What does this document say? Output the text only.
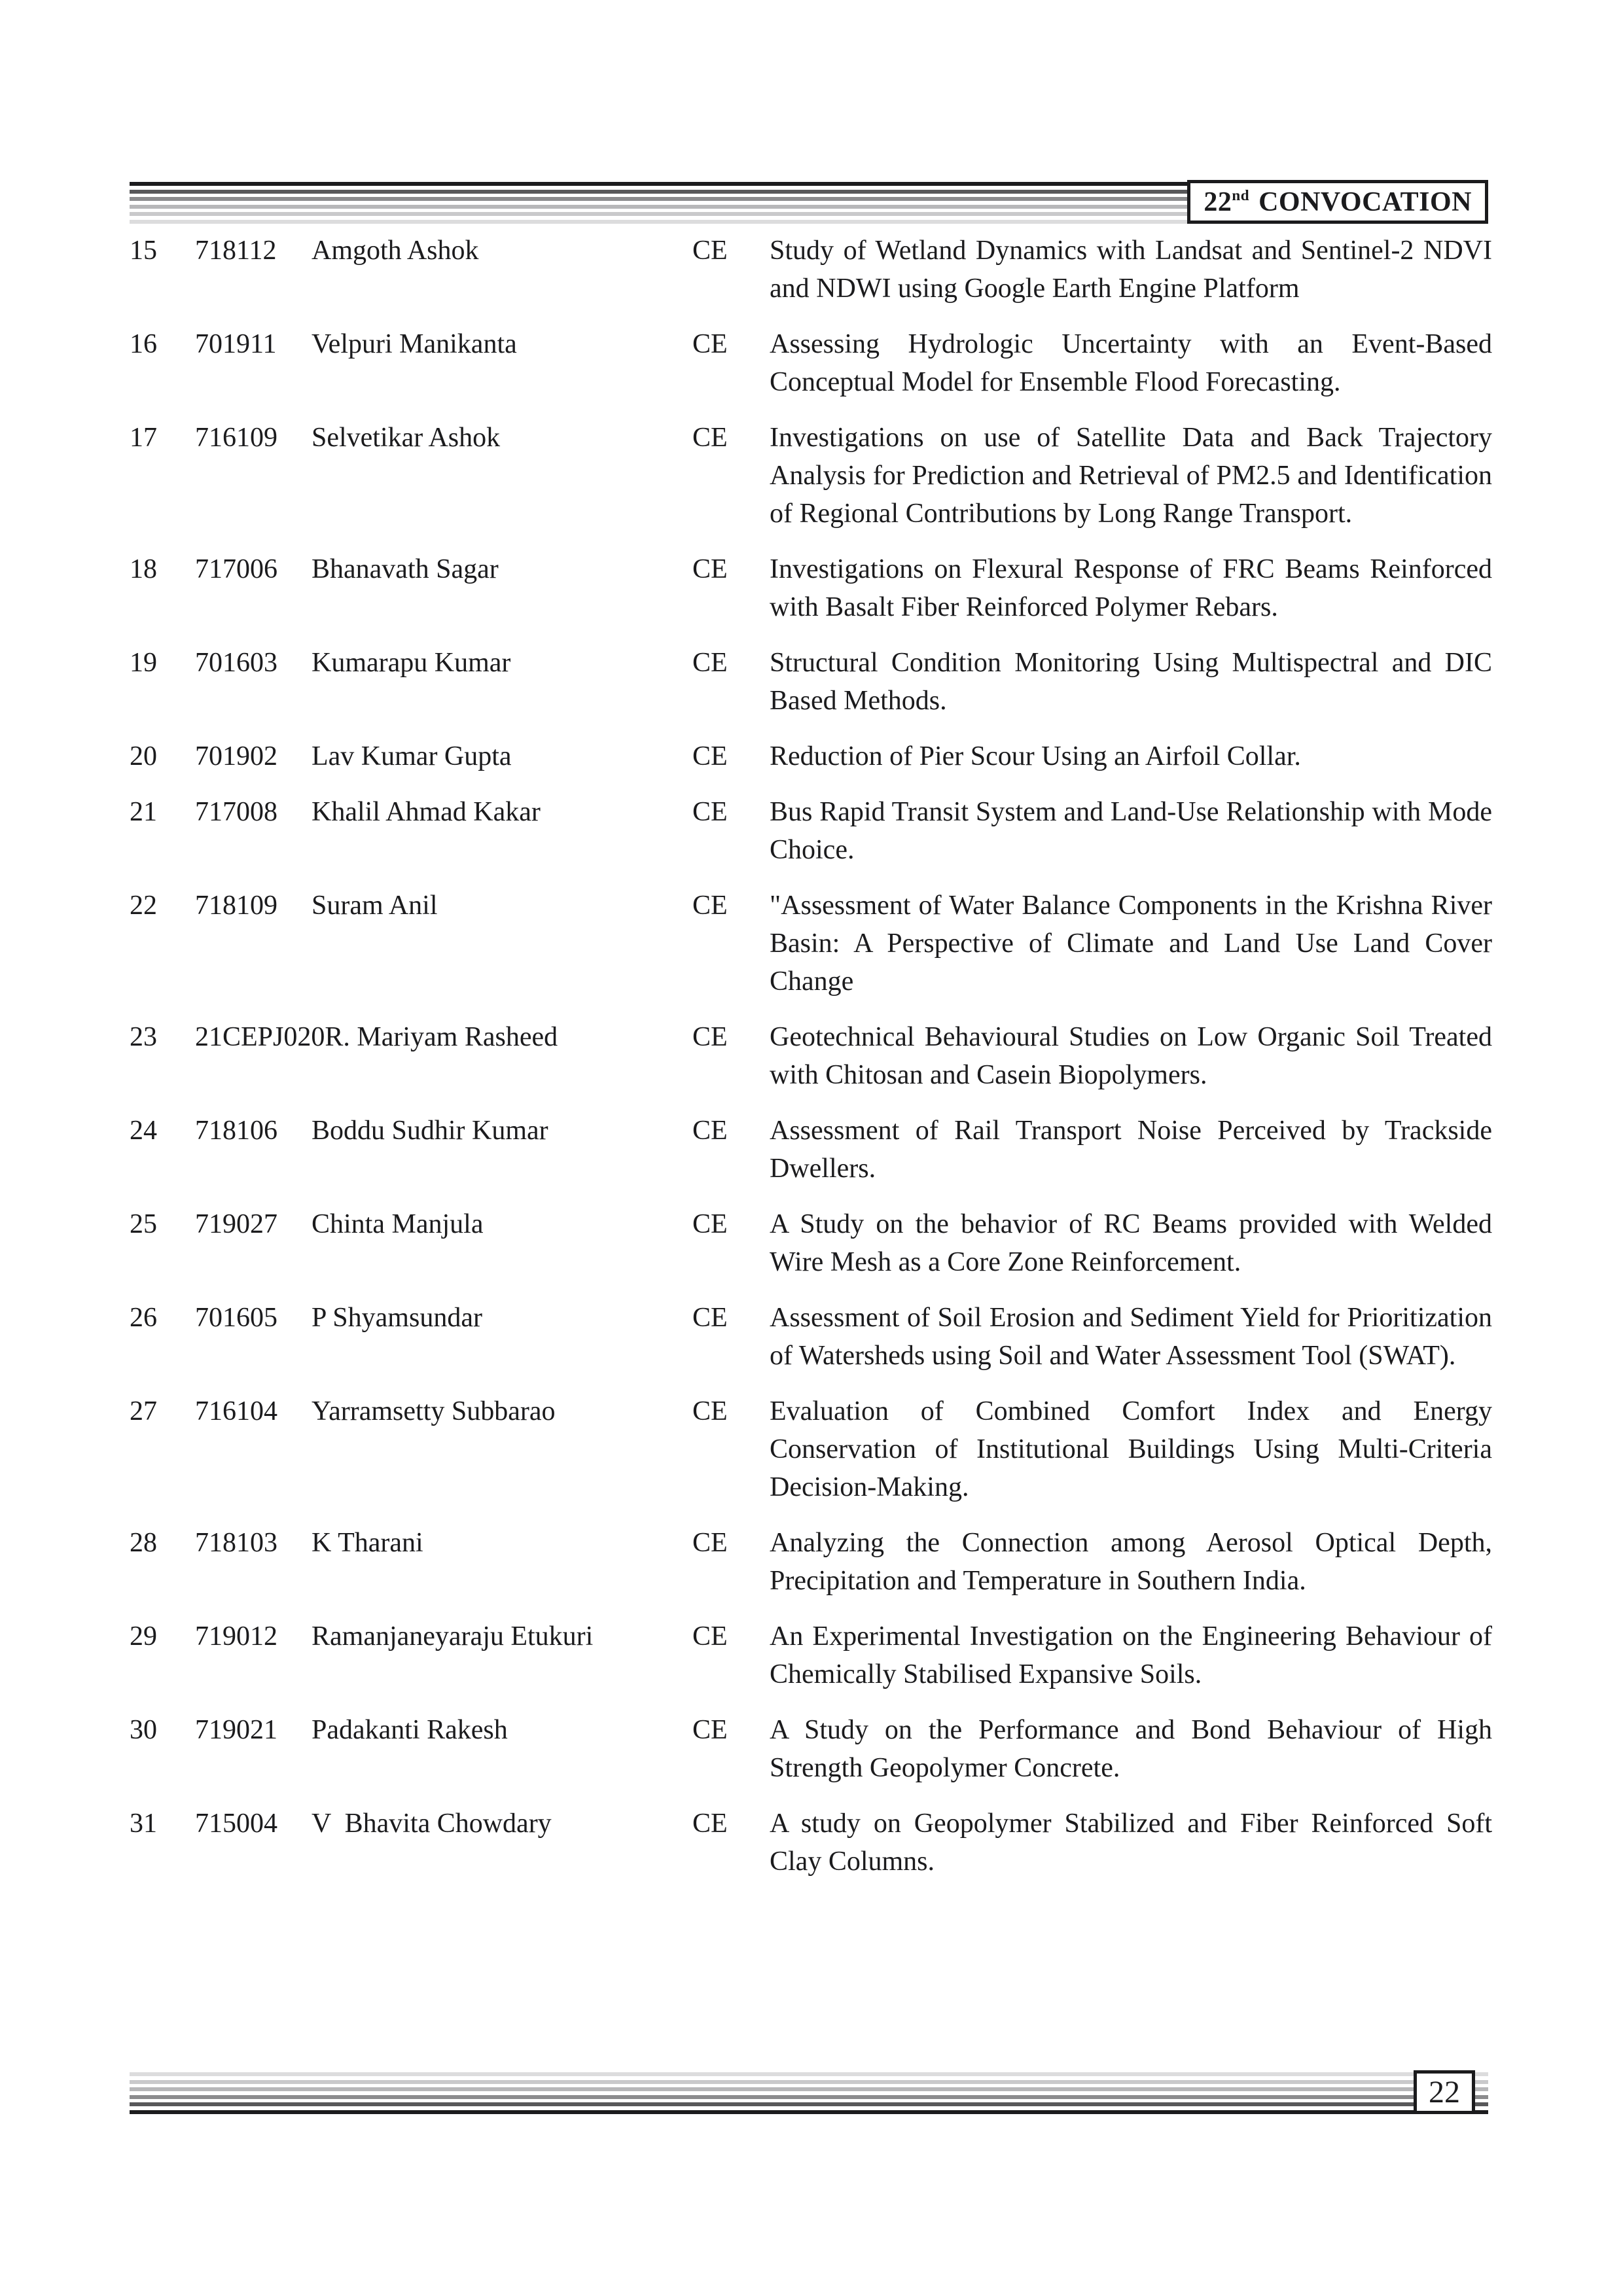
22nd CONVOCATION
15	718112	Amgoth Ashok	CE	Study of Wetland Dynamics with Landsat and Sentinel-2 NDVI and NDWI using Google Earth Engine Platform
16	701911	Velpuri Manikanta	CE	Assessing Hydrologic Uncertainty with an Event-Based Conceptual Model for Ensemble Flood Forecasting.
17	716109	Selvetikar Ashok	CE	Investigations on use of Satellite Data and Back Trajectory Analysis for Prediction and Retrieval of PM2.5 and Identification of Regional Contributions by Long Range Transport.
18	717006	Bhanavath Sagar	CE	Investigations on Flexural Response of FRC Beams Reinforced with Basalt Fiber Reinforced Polymer Rebars.
19	701603	Kumarapu Kumar	CE	Structural Condition Monitoring Using Multispectral and DIC Based Methods.
20	701902	Lav Kumar Gupta	CE	Reduction of Pier Scour Using an Airfoil Collar.
21	717008	Khalil Ahmad Kakar	CE	Bus Rapid Transit System and Land-Use Relationship with Mode Choice.
22	718109	Suram Anil	CE	"Assessment of Water Balance Components in the Krishna River Basin: A Perspective of Climate and Land Use Land Cover Change
23	21CEPJ020 R. Mariyam Rasheed	CE	Geotechnical Behavioural Studies on Low Organic Soil Treated with Chitosan and Casein Biopolymers.
24	718106	Boddu Sudhir Kumar	CE	Assessment of Rail Transport Noise Perceived by Trackside Dwellers.
25	719027	Chinta Manjula	CE	A Study on the behavior of RC Beams provided with Welded Wire Mesh as a Core Zone Reinforcement.
26	701605	P Shyamsundar	CE	Assessment of Soil Erosion and Sediment Yield for Prioritization of Watersheds using Soil and Water Assessment Tool (SWAT).
27	716104	Yarramsetty Subbarao	CE	Evaluation of Combined Comfort Index and Energy Conservation of Institutional Buildings Using Multi-Criteria Decision-Making.
28	718103	K Tharani	CE	Analyzing the Connection among Aerosol Optical Depth, Precipitation and Temperature in Southern India.
29	719012	Ramanjaneyaraju Etukuri	CE	An Experimental Investigation on the Engineering Behaviour of Chemically Stabilised Expansive Soils.
30	719021	Padakanti Rakesh	CE	A Study on the Performance and Bond Behaviour of High Strength Geopolymer Concrete.
31	715004	V  Bhavita Chowdary	CE	A study on Geopolymer Stabilized and Fiber Reinforced Soft Clay Columns.
22
